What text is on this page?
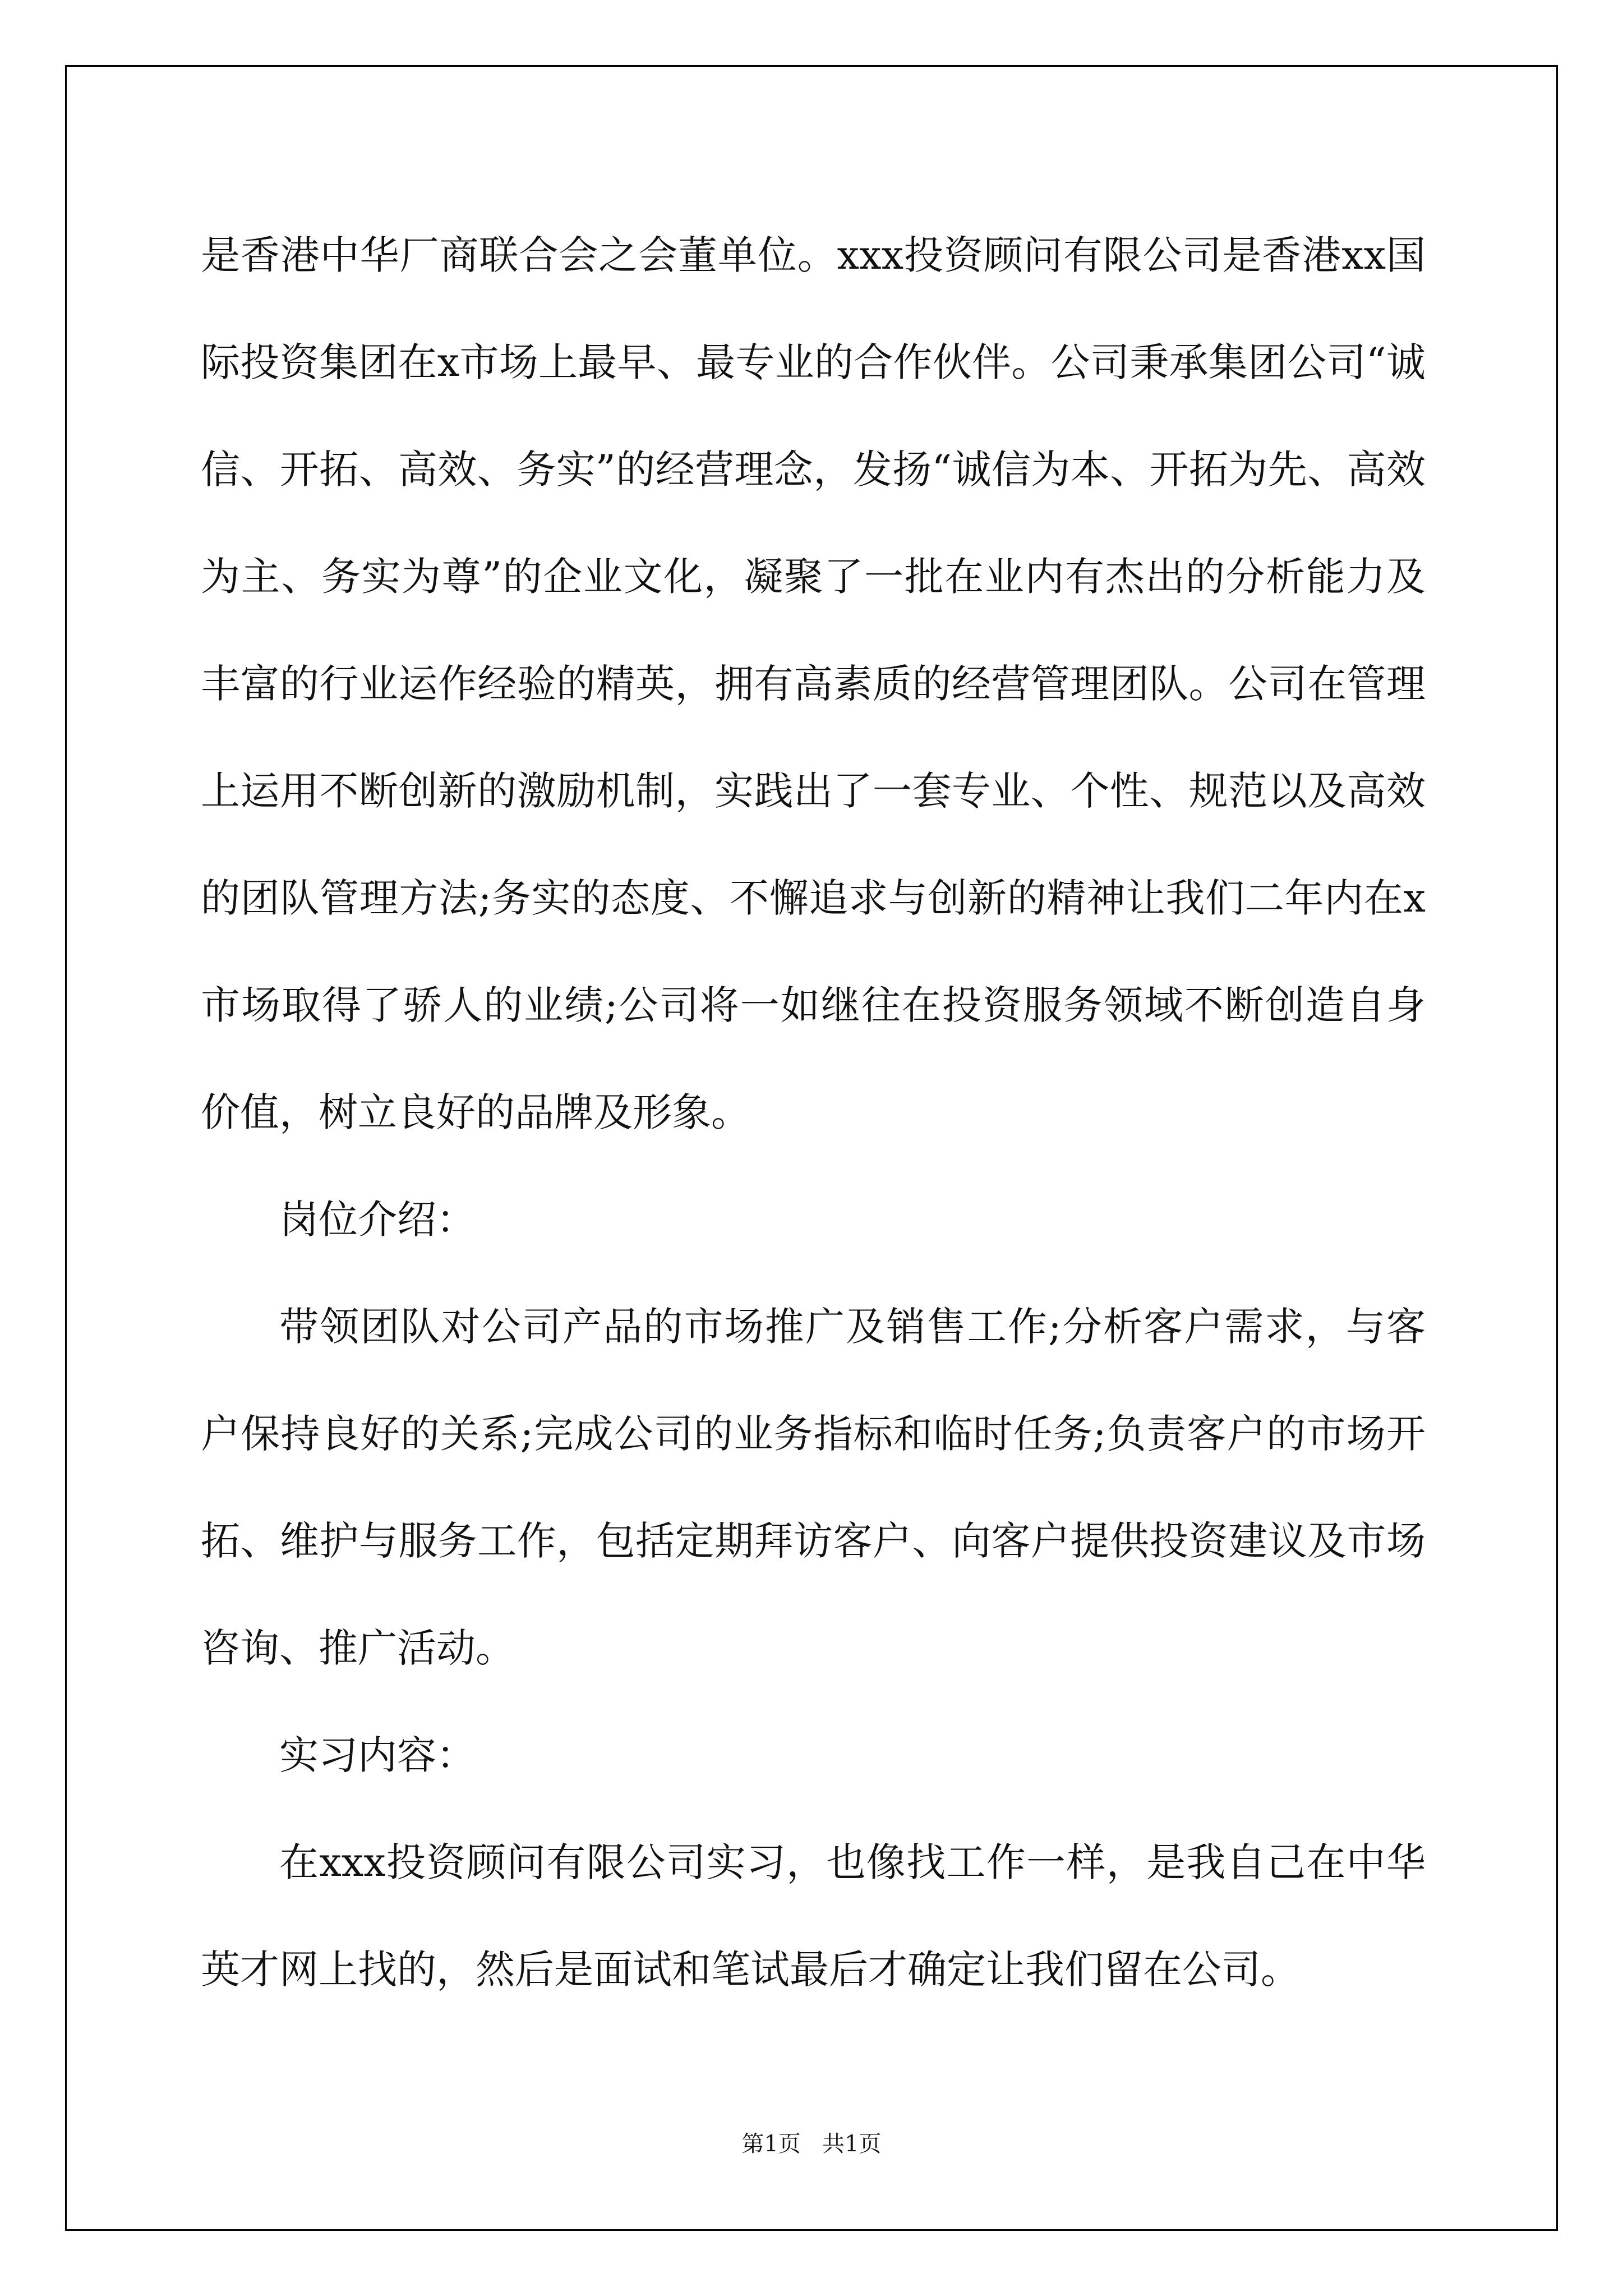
是香港中华厂商联合会之会董单位。xxx投资顾问有限公司是香港xx国际投资集团在x市场上最早、最专业的合作伙伴。公司秉承集团公司“诚信、开拓、高效、务实”的经营理念，发扬“诚信为本、开拓为先、高效为主、务实为尊”的企业文化，凝聚了一批在业内有杰出的分析能力及丰富的行业运作经验的精英，拥有高素质的经营管理团队。公司在管理上运用不断创新的激励机制，实践出了一套专业、个性、规范以及高效的团队管理方法;务实的态度、不懈追求与创新的精神让我们二年内在x市场取得了骄人的业绩;公司将一如继往在投资服务领域不断创造自身价值，树立良好的品牌及形象。

岗位介绍：

带领团队对公司产品的市场推广及销售工作;分析客户需求，与客户保持良好的关系;完成公司的业务指标和临时任务;负责客户的市场开拓、维护与服务工作，包括定期拜访客户、向客户提供投资建议及市场咨询、推广活动。

实习内容：

在xxx投资顾问有限公司实习，也像找工作一样，是我自己在中华英才网上找的，然后是面试和笔试最后才确定让我们留在公司。

第1页   共1页
